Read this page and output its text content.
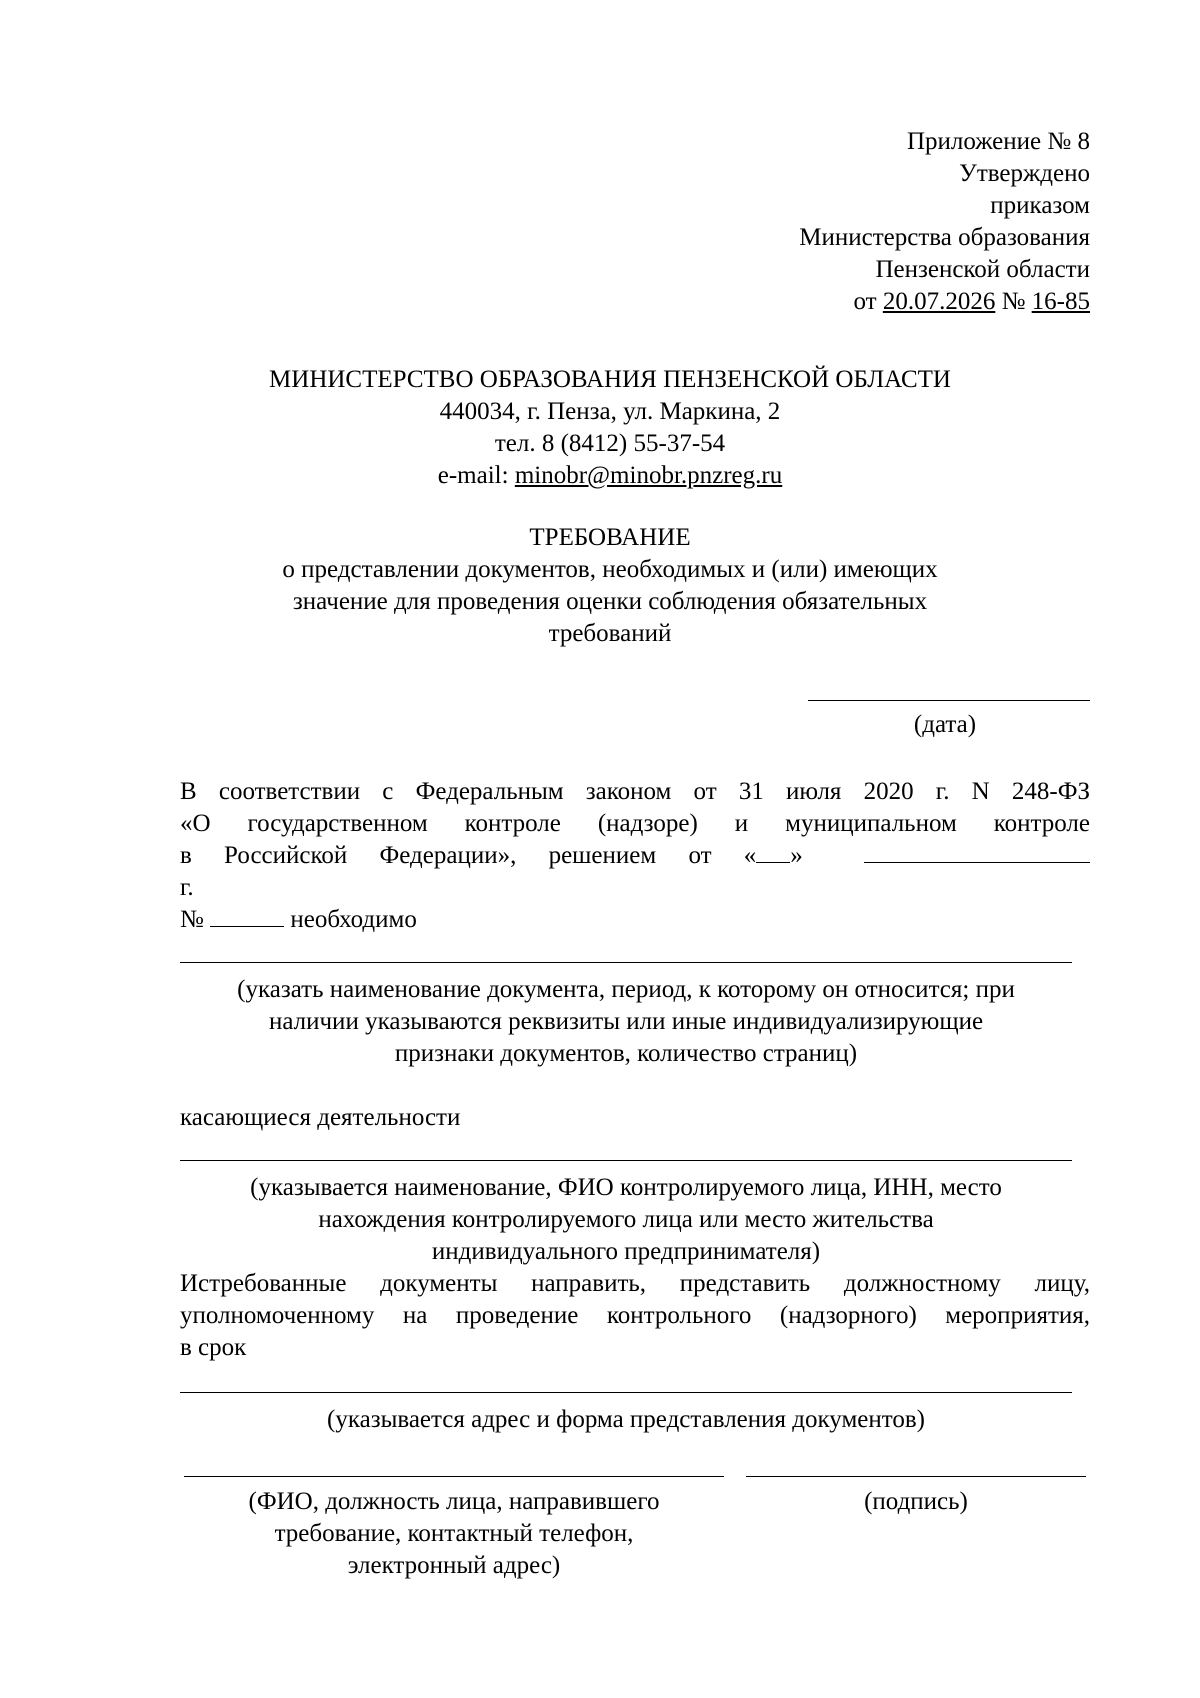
Приложение № 8
Утверждено
приказом
Министерства образования
Пензенской области
от 20.07.2026 № 16-85
МИНИСТЕРСТВО ОБРАЗОВАНИЯ ПЕНЗЕНСКОЙ ОБЛАСТИ
440034, г. Пенза, ул. Маркина, 2
тел. 8 (8412) 55-37-54
e-mail: minobr@minobr.pnzreg.ru
ТРЕБОВАНИЕ
о представлении документов, необходимых и (или) имеющих
значение для проведения оценки соблюдения обязательных
требований
(дата)
В соответствии с Федеральным законом от 31 июля 2020 г. N 248-ФЗ
«О государственном контроле (надзоре) и муниципальном контроле
в Российской Федерации», решением от « »
г.
№	необходимо
(указать наименование документа, период, к которому он относится; при
наличии указываются реквизиты или иные индивидуализирующие
признаки документов, количество страниц)
касающиеся деятельности
(указывается наименование, ФИО контролируемого лица, ИНН, место
нахождения контролируемого лица или место жительства
индивидуального предпринимателя)
Истребованные документы направить, представить должностному лицу,
уполномоченному на проведение контрольного (надзорного) мероприятия,
в срок
(указывается адрес и форма представления документов)
(ФИО, должность лица, направившего
требование, контактный телефон,
электронный адрес)
(подпись)
